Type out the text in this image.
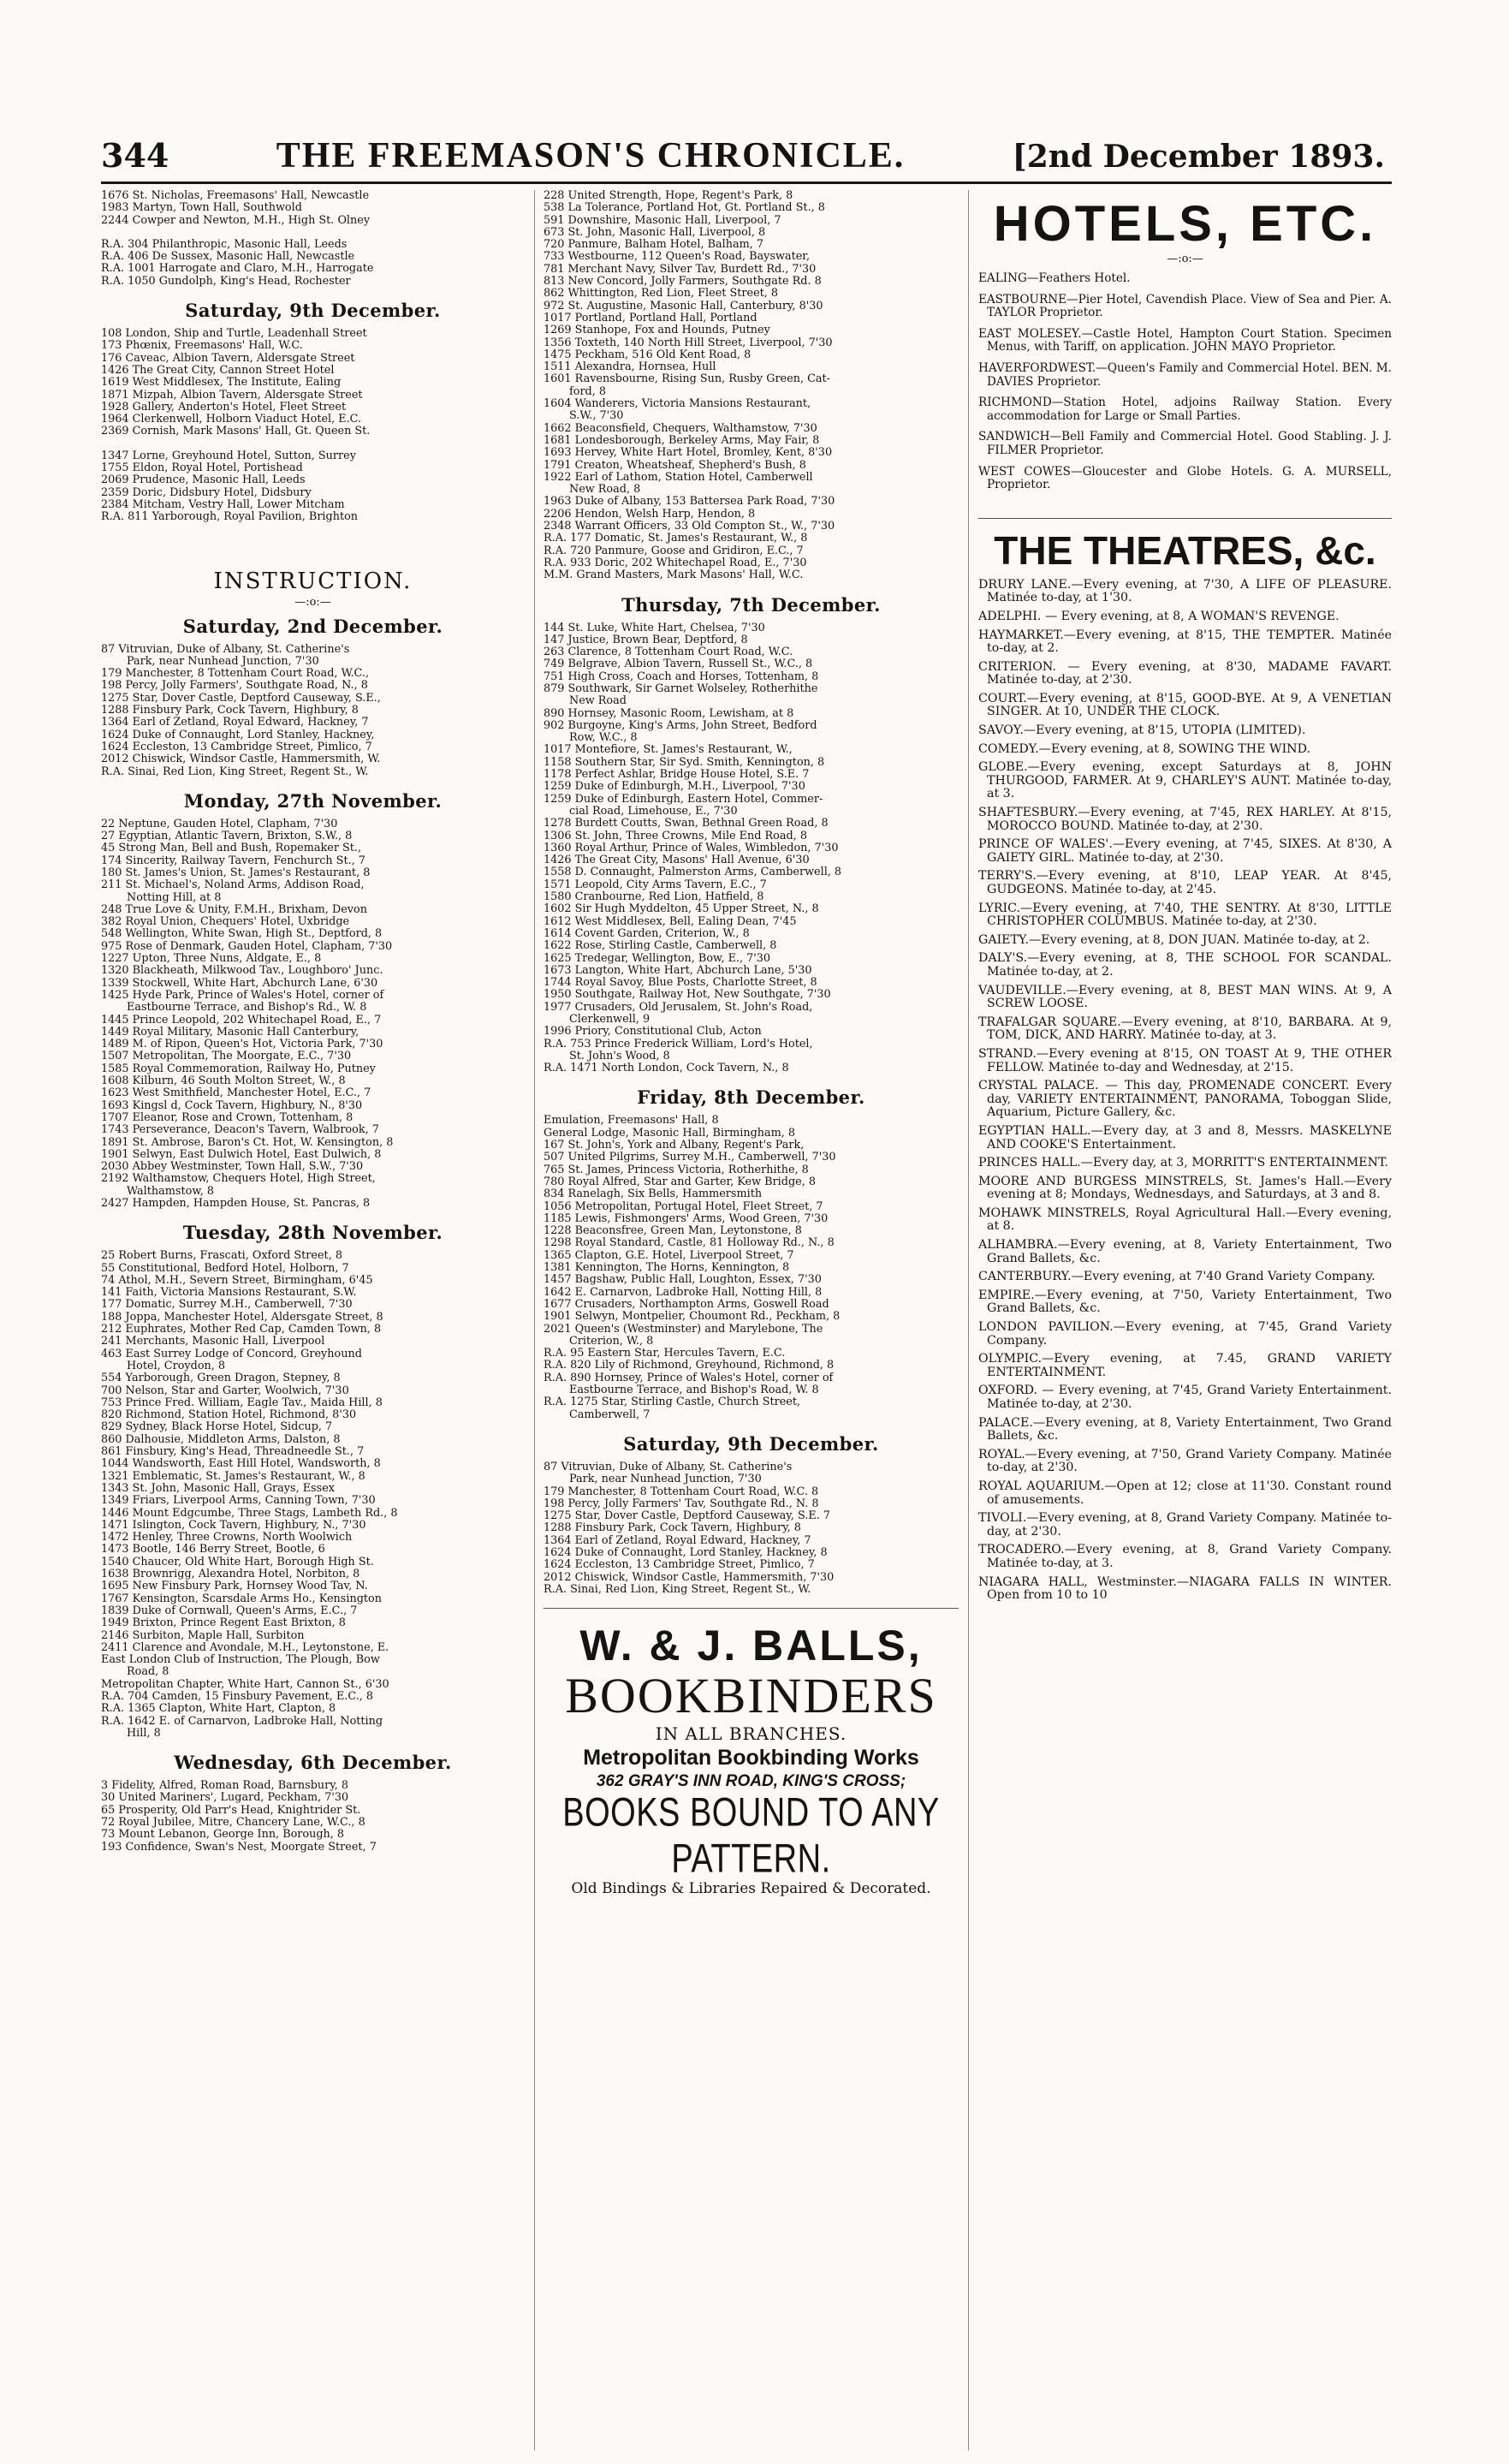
344	THE FREEMASON'S CHRONICLE.	[2nd December 1893.
1676 St. Nicholas, Freemasons' Hall, Newcastle
1983 Martyn, Town Hall, Southwold
2244 Cowper and Newton, M.H., High St. Olney
R.A. 304 Philanthropic, Masonic Hall, Leeds
R.A. 406 De Sussex, Masonic Hall, Newcastle
R.A. 1001 Harrogate and Claro, M.H., Harrogate
R.A. 1050 Gundolph, King's Head, Rochester
Saturday, 9th December.
108 London, Ship and Turtle, Leadenhall Street
173 Phœnix, Freemasons' Hall, W.C.
176 Caveac, Albion Tavern, Aldersgate Street
1426 The Great City, Cannon Street Hotel
1619 West Middlesex, The Institute, Ealing
1871 Mizpah, Albion Tavern, Aldersgate Street
1928 Gallery, Anderton's Hotel, Fleet Street
1964 Clerkenwell, Holborn Viaduct Hotel, E.C.
2369 Cornish, Mark Masons' Hall, Gt. Queen St.
1347 Lorne, Greyhound Hotel, Sutton, Surrey
1755 Eldon, Royal Hotel, Portishead
2069 Prudence, Masonic Hall, Leeds
2359 Doric, Didsbury Hotel, Didsbury
2384 Mitcham, Vestry Hall, Lower Mitcham
R.A. 811 Yarborough, Royal Pavilion, Brighton
INSTRUCTION.
—:o:—
Saturday, 2nd December.
87 Vitruvian, Duke of Albany, St. Catherine's
Park, near Nunhead Junction, 7'30
179 Manchester, 8 Tottenham Court Road, W.C.,
198 Percy, Jolly Farmers', Southgate Road, N., 8
1275 Star, Dover Castle, Deptford Causeway, S.E.,
1288 Finsbury Park, Cock Tavern, Highbury, 8
1364 Earl of Zetland, Royal Edward, Hackney, 7
1624 Duke of Connaught, Lord Stanley, Hackney,
1624 Eccleston, 13 Cambridge Street, Pimlico, 7
2012 Chiswick, Windsor Castle, Hammersmith, W.
R.A. Sinai, Red Lion, King Street, Regent St., W.
Monday, 27th November.
22 Neptune, Gauden Hotel, Clapham, 7'30
27 Egyptian, Atlantic Tavern, Brixton, S.W., 8
45 Strong Man, Bell and Bush, Ropemaker St.,
174 Sincerity, Railway Tavern, Fenchurch St., 7
180 St. James's Union, St. James's Restaurant, 8
211 St. Michael's, Noland Arms, Addison Road,
Notting Hill, at 8
248 True Love & Unity, F.M.H., Brixham, Devon
382 Royal Union, Chequers' Hotel, Uxbridge
548 Wellington, White Swan, High St., Deptford, 8
975 Rose of Denmark, Gauden Hotel, Clapham, 7'30
1227 Upton, Three Nuns, Aldgate, E., 8
1320 Blackheath, Milkwood Tav., Loughboro' Junc.
1339 Stockwell, White Hart, Abchurch Lane, 6'30
1425 Hyde Park, Prince of Wales's Hotel, corner of
Eastbourne Terrace, and Bishop's Rd., W. 8
1445 Prince Leopold, 202 Whitechapel Road, E., 7
1449 Royal Military, Masonic Hall Canterbury,
1489 M. of Ripon, Queen's Hot, Victoria Park, 7'30
1507 Metropolitan, The Moorgate, E.C., 7'30
1585 Royal Commemoration, Railway Ho, Putney
1608 Kilburn, 46 South Molton Street, W., 8
1623 West Smithfield, Manchester Hotel, E.C., 7
1693 Kingsl d, Cock Tavern, Highbury, N., 8'30
1707 Eleanor, Rose and Crown, Tottenham, 8
1743 Perseverance, Deacon's Tavern, Walbrook, 7
1891 St. Ambrose, Baron's Ct. Hot, W. Kensington, 8
1901 Selwyn, East Dulwich Hotel, East Dulwich, 8
2030 Abbey Westminster, Town Hall, S.W., 7'30
2192 Walthamstow, Chequers Hotel, High Street,
Walthamstow, 8
2427 Hampden, Hampden House, St. Pancras, 8
Tuesday, 28th November.
25 Robert Burns, Frascati, Oxford Street, 8
55 Constitutional, Bedford Hotel, Holborn, 7
74 Athol, M.H., Severn Street, Birmingham, 6'45
141 Faith, Victoria Mansions Restaurant, S.W.
177 Domatic, Surrey M.H., Camberwell, 7'30
188 Joppa, Manchester Hotel, Aldersgate Street, 8
212 Euphrates, Mother Red Cap, Camden Town, 8
241 Merchants, Masonic Hall, Liverpool
463 East Surrey Lodge of Concord, Greyhound
Hotel, Croydon, 8
554 Yarborough, Green Dragon, Stepney, 8
700 Nelson, Star and Garter, Woolwich, 7'30
753 Prince Fred. William, Eagle Tav., Maida Hill, 8
820 Richmond, Station Hotel, Richmond, 8'30
829 Sydney, Black Horse Hotel, Sidcup, 7
860 Dalhousie, Middleton Arms, Dalston, 8
861 Finsbury, King's Head, Threadneedle St., 7
1044 Wandsworth, East Hill Hotel, Wandsworth, 8
1321 Emblematic, St. James's Restaurant, W., 8
1343 St. John, Masonic Hall, Grays, Essex
1349 Friars, Liverpool Arms, Canning Town, 7'30
1446 Mount Edgcumbe, Three Stags, Lambeth Rd., 8
1471 Islington, Cock Tavern, Highbury, N., 7'30
1472 Henley, Three Crowns, North Woolwich
1473 Bootle, 146 Berry Street, Bootle, 6
1540 Chaucer, Old White Hart, Borough High St.
1638 Brownrigg, Alexandra Hotel, Norbiton, 8
1695 New Finsbury Park, Hornsey Wood Tav, N.
1767 Kensington, Scarsdale Arms Ho., Kensington
1839 Duke of Cornwall, Queen's Arms, E.C., 7
1949 Brixton, Prince Regent East Brixton, 8
2146 Surbiton, Maple Hall, Surbiton
2411 Clarence and Avondale, M.H., Leytonstone, E.
East London Club of Instruction, The Plough, Bow
Road, 8
Metropolitan Chapter, White Hart, Cannon St., 6'30
R.A. 704 Camden, 15 Finsbury Pavement, E.C., 8
R.A. 1365 Clapton, White Hart, Clapton, 8
R.A. 1642 E. of Carnarvon, Ladbroke Hall, Notting
Hill, 8
Wednesday, 6th December.
3 Fidelity, Alfred, Roman Road, Barnsbury, 8
30 United Mariners', Lugard, Peckham, 7'30
65 Prosperity, Old Parr's Head, Knightrider St.
72 Royal Jubilee, Mitre, Chancery Lane, W.C., 8
73 Mount Lebanon, George Inn, Borough, 8
193 Confidence, Swan's Nest, Moorgate Street, 7
228 United Strength, Hope, Regent's Park, 8
538 La Tolerance, Portland Hot, Gt. Portland St., 8
591 Downshire, Masonic Hall, Liverpool, 7
673 St. John, Masonic Hall, Liverpool, 8
720 Panmure, Balham Hotel, Balham, 7
733 Westbourne, 112 Queen's Road, Bayswater,
781 Merchant Navy, Silver Tav, Burdett Rd., 7'30
813 New Concord, Jolly Farmers, Southgate Rd. 8
862 Whittington, Red Lion, Fleet Street, 8
972 St. Augustine, Masonic Hall, Canterbury, 8'30
1017 Portland, Portland Hall, Portland
1269 Stanhope, Fox and Hounds, Putney
1356 Toxteth, 140 North Hill Street, Liverpool, 7'30
1475 Peckham, 516 Old Kent Road, 8
1511 Alexandra, Hornsea, Hull
1601 Ravensbourne, Rising Sun, Rusby Green, Cat-
ford, 8
1604 Wanderers, Victoria Mansions Restaurant,
S.W., 7'30
1662 Beaconsfield, Chequers, Walthamstow, 7'30
1681 Londesborough, Berkeley Arms, May Fair, 8
1693 Hervey, White Hart Hotel, Bromley, Kent, 8'30
1791 Creaton, Wheatsheaf, Shepherd's Bush, 8
1922 Earl of Lathom, Station Hotel, Camberwell
New Road, 8
1963 Duke of Albany, 153 Battersea Park Road, 7'30
2206 Hendon, Welsh Harp, Hendon, 8
2348 Warrant Officers, 33 Old Compton St., W., 7'30
R.A. 177 Domatic, St. James's Restaurant, W., 8
R.A. 720 Panmure, Goose and Gridiron, E.C., 7
R.A. 933 Doric, 202 Whitechapel Road, E., 7'30
M.M. Grand Masters, Mark Masons' Hall, W.C.
Thursday, 7th December.
144 St. Luke, White Hart, Chelsea, 7'30
147 Justice, Brown Bear, Deptford, 8
263 Clarence, 8 Tottenham Court Road, W.C.
749 Belgrave, Albion Tavern, Russell St., W.C., 8
751 High Cross, Coach and Horses, Tottenham, 8
879 Southwark, Sir Garnet Wolseley, Rotherhithe
New Road
890 Hornsey, Masonic Room, Lewisham, at 8
902 Burgoyne, King's Arms, John Street, Bedford
Row, W.C., 8
1017 Montefiore, St. James's Restaurant, W.,
1158 Southern Star, Sir Syd. Smith, Kennington, 8
1178 Perfect Ashlar, Bridge House Hotel, S.E. 7
1259 Duke of Edinburgh, M.H., Liverpool, 7'30
1259 Duke of Edinburgh, Eastern Hotel, Commer-
cial Road, Limehouse, E., 7'30
1278 Burdett Coutts, Swan, Bethnal Green Road, 8
1306 St. John, Three Crowns, Mile End Road, 8
1360 Royal Arthur, Prince of Wales, Wimbledon, 7'30
1426 The Great City, Masons' Hall Avenue, 6'30
1558 D. Connaught, Palmerston Arms, Camberwell, 8
1571 Leopold, City Arms Tavern, E.C., 7
1580 Cranbourne, Red Lion, Hatfield, 8
1602 Sir Hugh Myddelton, 45 Upper Street, N., 8
1612 West Middlesex, Bell, Ealing Dean, 7'45
1614 Covent Garden, Criterion, W., 8
1622 Rose, Stirling Castle, Camberwell, 8
1625 Tredegar, Wellington, Bow, E., 7'30
1673 Langton, White Hart, Abchurch Lane, 5'30
1744 Royal Savoy, Blue Posts, Charlotte Street, 8
1950 Southgate, Railway Hot, New Southgate, 7'30
1977 Crusaders, Old Jerusalem, St. John's Road,
Clerkenwell, 9
1996 Priory, Constitutional Club, Acton
R.A. 753 Prince Frederick William, Lord's Hotel,
St. John's Wood, 8
R.A. 1471 North London, Cock Tavern, N., 8
Friday, 8th December.
Emulation, Freemasons' Hall, 8
General Lodge, Masonic Hall, Birmingham, 8
167 St. John's, York and Albany, Regent's Park,
507 United Pilgrims, Surrey M.H., Camberwell, 7'30
765 St. James, Princess Victoria, Rotherhithe, 8
780 Royal Alfred, Star and Garter, Kew Bridge, 8
834 Ranelagh, Six Bells, Hammersmith
1056 Metropolitan, Portugal Hotel, Fleet Street, 7
1185 Lewis, Fishmongers' Arms, Wood Green, 7'30
1228 Beaconsfree, Green Man, Leytonstone, 8
1298 Royal Standard, Castle, 81 Holloway Rd., N., 8
1365 Clapton, G.E. Hotel, Liverpool Street, 7
1381 Kennington, The Horns, Kennington, 8
1457 Bagshaw, Public Hall, Loughton, Essex, 7'30
1642 E. Carnarvon, Ladbroke Hall, Notting Hill, 8
1677 Crusaders, Northampton Arms, Goswell Road
1901 Selwyn, Montpelier, Choumont Rd., Peckham, 8
2021 Queen's (Westminster) and Marylebone, The
Criterion, W., 8
R.A. 95 Eastern Star, Hercules Tavern, E.C.
R.A. 820 Lily of Richmond, Greyhound, Richmond, 8
R.A. 890 Hornsey, Prince of Wales's Hotel, corner of
Eastbourne Terrace, and Bishop's Road, W. 8
R.A. 1275 Star, Stirling Castle, Church Street,
Camberwell, 7
Saturday, 9th December.
87 Vitruvian, Duke of Albany, St. Catherine's
Park, near Nunhead Junction, 7'30
179 Manchester, 8 Tottenham Court Road, W.C. 8
198 Percy, Jolly Farmers' Tav, Southgate Rd., N. 8
1275 Star, Dover Castle, Deptford Causeway, S.E. 7
1288 Finsbury Park, Cock Tavern, Highbury, 8
1364 Earl of Zetland, Royal Edward, Hackney, 7
1624 Duke of Connaught, Lord Stanley, Hackney, 8
1624 Eccleston, 13 Cambridge Street, Pimlico, 7
2012 Chiswick, Windsor Castle, Hammersmith, 7'30
R.A. Sinai, Red Lion, King Street, Regent St., W.
W. & J. BALLS,
BOOKBINDERS
IN ALL BRANCHES.
Metropolitan Bookbinding Works
362 GRAY'S INN ROAD, KING'S CROSS;
BOOKS BOUND TO ANY PATTERN.
Old Bindings & Libraries Repaired & Decorated.
HOTELS, ETC.
—:o:—
EALING—Feathers Hotel.
EASTBOURNE—Pier Hotel, Cavendish Place. View of Sea and Pier. A. TAYLOR Proprietor.
EAST MOLESEY.—Castle Hotel, Hampton Court Station. Specimen Menus, with Tariff, on application. JOHN MAYO Proprietor.
HAVERFORDWEST.—Queen's Family and Commercial Hotel. BEN. M. DAVIES Proprietor.
RICHMOND—Station Hotel, adjoins Railway Station. Every accommodation for Large or Small Parties.
SANDWICH—Bell Family and Commercial Hotel. Good Stabling. J. J. FILMER Proprietor.
WEST COWES—Gloucester and Globe Hotels. G. A. MURSELL, Proprietor.
THE THEATRES, &c.
DRURY LANE.—Every evening, at 7'30, A LIFE OF PLEASURE. Matinée to-day, at 1'30.
ADELPHI. — Every evening, at 8, A WOMAN'S REVENGE.
HAYMARKET.—Every evening, at 8'15, THE TEMPTER. Matinée to-day, at 2.
CRITERION. — Every evening, at 8'30, MADAME FAVART. Matinée to-day, at 2'30.
COURT.—Every evening, at 8'15, GOOD-BYE. At 9, A VENETIAN SINGER. At 10, UNDER THE CLOCK.
SAVOY.—Every evening, at 8'15, UTOPIA (LIMITED).
COMEDY.—Every evening, at 8, SOWING THE WIND.
GLOBE.—Every evening, except Saturdays at 8, JOHN THURGOOD, FARMER. At 9, CHARLEY'S AUNT. Matinée to-day, at 3.
SHAFTESBURY.—Every evening, at 7'45, REX HARLEY. At 8'15, MOROCCO BOUND. Matinée to-day, at 2'30.
PRINCE OF WALES'.—Every evening, at 7'45, SIXES. At 8'30, A GAIETY GIRL. Matinée to-day, at 2'30.
TERRY'S.—Every evening, at 8'10, LEAP YEAR. At 8'45, GUDGEONS. Matinée to-day, at 2'45.
LYRIC.—Every evening, at 7'40, THE SENTRY. At 8'30, LITTLE CHRISTOPHER COLUMBUS. Matinée to-day, at 2'30.
GAIETY.—Every evening, at 8, DON JUAN. Matinée to-day, at 2.
DALY'S.—Every evening, at 8, THE SCHOOL FOR SCANDAL. Matinée to-day, at 2.
VAUDEVILLE.—Every evening, at 8, BEST MAN WINS. At 9, A SCREW LOOSE.
TRAFALGAR SQUARE.—Every evening, at 8'10, BARBARA. At 9, TOM, DICK, AND HARRY. Matinée to-day, at 3.
STRAND.—Every evening at 8'15, ON TOAST At 9, THE OTHER FELLOW. Matinée to-day and Wednesday, at 2'15.
CRYSTAL PALACE. — This day, PROMENADE CONCERT. Every day, VARIETY ENTERTAINMENT, PANORAMA, Toboggan Slide, Aquarium, Picture Gallery, &c.
EGYPTIAN HALL.—Every day, at 3 and 8, Messrs. MASKELYNE AND COOKE'S Entertainment.
PRINCES HALL.—Every day, at 3, MORRITT'S ENTERTAINMENT.
MOORE AND BURGESS MINSTRELS, St. James's Hall.—Every evening at 8; Mondays, Wednesdays, and Saturdays, at 3 and 8.
MOHAWK MINSTRELS, Royal Agricultural Hall.—Every evening, at 8.
ALHAMBRA.—Every evening, at 8, Variety Entertainment, Two Grand Ballets, &c.
CANTERBURY.—Every evening, at 7'40 Grand Variety Company.
EMPIRE.—Every evening, at 7'50, Variety Entertainment, Two Grand Ballets, &c.
LONDON PAVILION.—Every evening, at 7'45, Grand Variety Company.
OLYMPIC.—Every evening, at 7.45, GRAND VARIETY ENTERTAINMENT.
OXFORD. — Every evening, at 7'45, Grand Variety Entertainment. Matinée to-day, at 2'30.
PALACE.—Every evening, at 8, Variety Entertainment, Two Grand Ballets, &c.
ROYAL.—Every evening, at 7'50, Grand Variety Company. Matinée to-day, at 2'30.
ROYAL AQUARIUM.—Open at 12; close at 11'30. Constant round of amusements.
TIVOLI.—Every evening, at 8, Grand Variety Company. Matinée to-day, at 2'30.
TROCADERO.—Every evening, at 8, Grand Variety Company. Matinée to-day, at 3.
NIAGARA HALL, Westminster.—NIAGARA FALLS IN WINTER. Open from 10 to 10
